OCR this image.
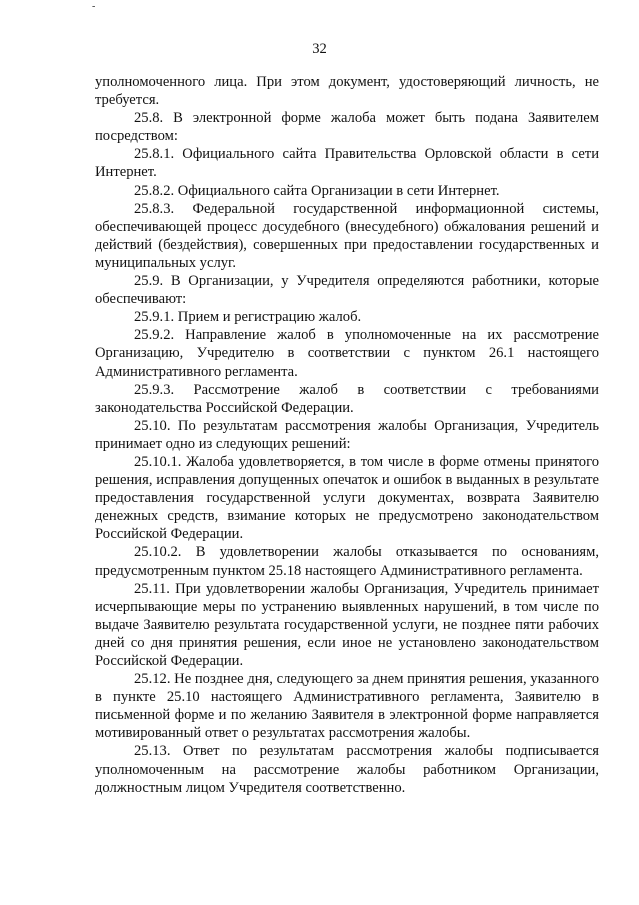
-
32

уполномоченного лица. При этом документ, удостоверяющий личность, не требуется.

25.8. В электронной форме жалоба может быть подана Заявителем посредством:

25.8.1. Официального сайта Правительства Орловской области в сети Интернет.

25.8.2. Официального сайта Организации в сети Интернет.

25.8.3. Федеральной государственной информационной системы, обеспечивающей процесс досудебного (внесудебного) обжалования решений и действий (бездействия), совершенных при предоставлении государственных и муниципальных услуг.

25.9. В Организации, у Учредителя определяются работники, которые обеспечивают:

25.9.1. Прием и регистрацию жалоб.

25.9.2. Направление жалоб в уполномоченные на их рассмотрение Организацию, Учредителю в соответствии с пунктом 26.1 настоящего Административного регламента.

25.9.3. Рассмотрение жалоб в соответствии с требованиями законодательства Российской Федерации.

25.10. По результатам рассмотрения жалобы Организация, Учредитель принимает одно из следующих решений:

25.10.1. Жалоба удовлетворяется, в том числе в форме отмены принятого решения, исправления допущенных опечаток и ошибок в выданных в результате предоставления государственной услуги документах, возврата Заявителю денежных средств, взимание которых не предусмотрено законодательством Российской Федерации.

25.10.2. В удовлетворении жалобы отказывается по основаниям, предусмотренным пунктом 25.18 настоящего Административного регламента.

25.11. При удовлетворении жалобы Организация, Учредитель принимает исчерпывающие меры по устранению выявленных нарушений, в том числе по выдаче Заявителю результата государственной услуги, не позднее пяти рабочих дней со дня принятия решения, если иное не установлено законодательством Российской Федерации.

25.12. Не позднее дня, следующего за днем принятия решения, указанного в пункте 25.10 настоящего Административного регламента, Заявителю в письменной форме и по желанию Заявителя в электронной форме направляется мотивированный ответ о результатах рассмотрения жалобы.

25.13. Ответ по результатам рассмотрения жалобы подписывается уполномоченным на рассмотрение жалобы работником Организации, должностным лицом Учредителя соответственно.
